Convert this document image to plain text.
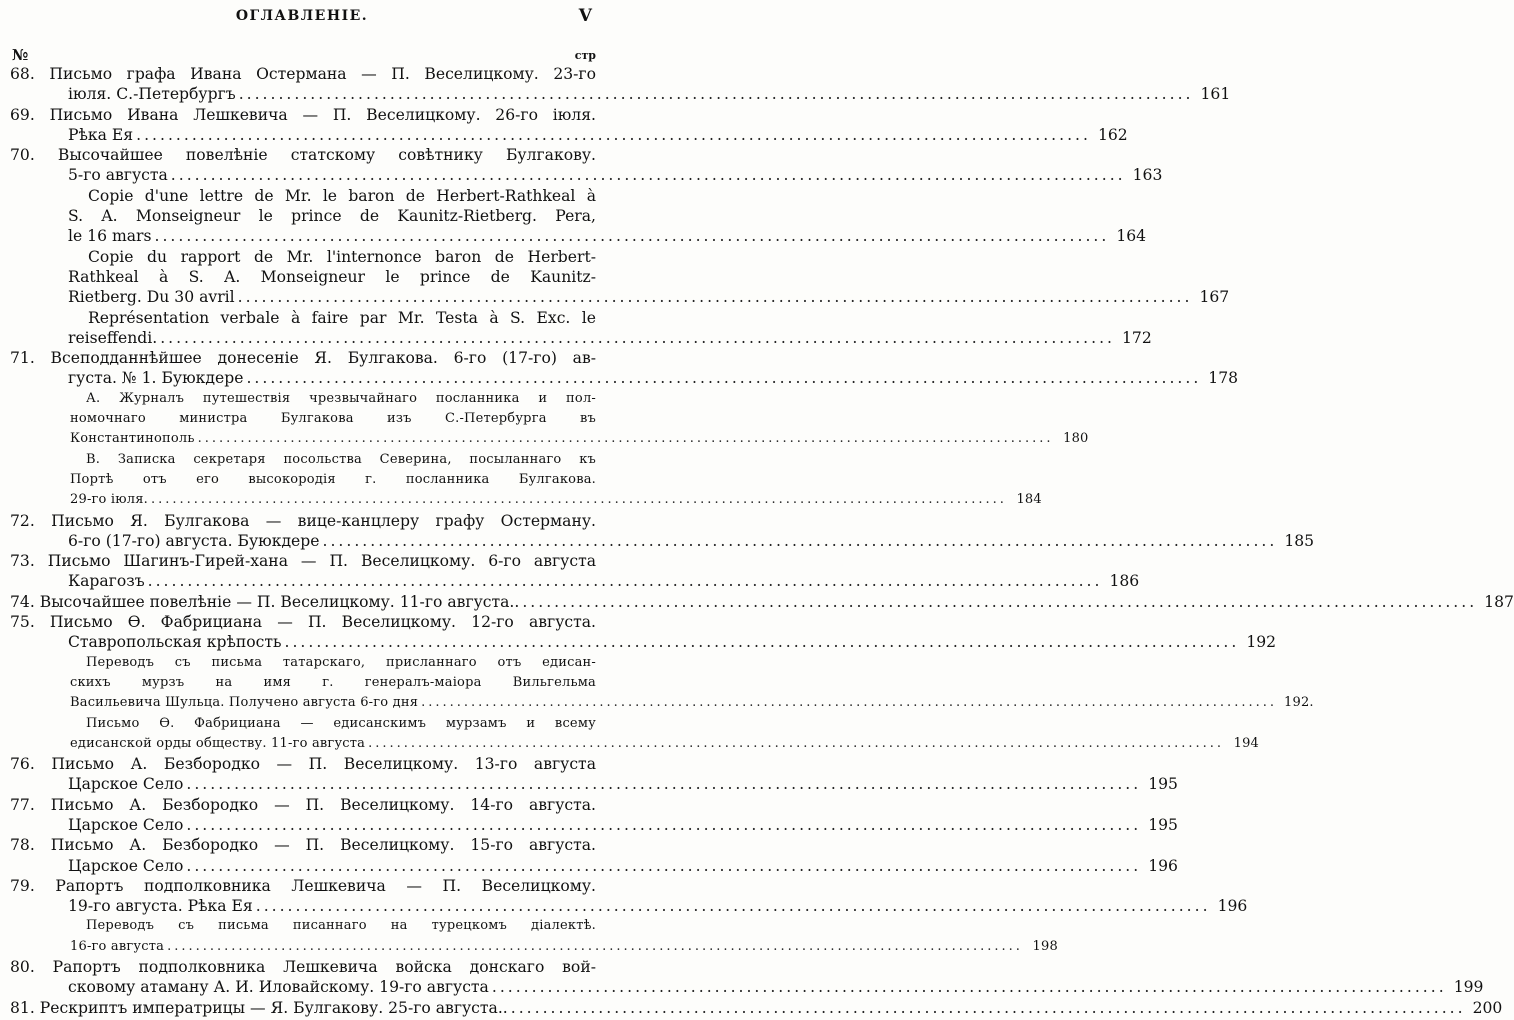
ОГЛАВЛЕНІЕ.	V
№	стр
68. Письмо графа Ивана Остермана — П. Веселицкому. 23-го
іюля. С.-Петербургъ ........................................................................................................................ 161
69. Письмо Ивана Лешкевича — П. Веселицкому. 26-го іюля.
Рѣка Ея ........................................................................................................................ 162
70. Высочайшее повелѣніе статскому совѣтнику Булгакову.
5-го августа ........................................................................................................................ 163
Copie d'une lettre de Mr. le baron de Herbert-Rathkeal à
S. A. Monseigneur le prince de Kaunitz-Rietberg. Pera,
le 16 mars ........................................................................................................................ 164
Copie du rapport de Mr. l'internonce baron de Herbert-
Rathkeal à S. A. Monseigneur le prince de Kaunitz-
Rietberg. Du 30 avril ........................................................................................................................ 167
Représentation verbale à faire par Mr. Testa à S. Exc. le
reiseffendi. ........................................................................................................................ 172
71. Всеподданнѣйшее донесеніе Я. Булгакова. 6-го (17-го) ав-
густа. № 1. Буюкдере ........................................................................................................................ 178
А. Журналъ путешествія чрезвычайнаго посланника и пол-
номочнаго министра Булгакова изъ С.-Петербурга въ
Константинополь ........................................................................................................................ 180
В. Записка секретаря посольства Северина, посыланнаго къ
Портѣ отъ его высокородія г. посланника Булгакова.
29-го іюля. ........................................................................................................................ 184
72. Письмо Я. Булгакова — вице-канцлеру графу Остерману.
6-го (17-го) августа. Буюкдере ........................................................................................................................ 185
73. Письмо Шагинъ-Гирей-хана — П. Веселицкому. 6-го августа
Карагозъ ........................................................................................................................ 186
74. Высочайшее повелѣніе — П. Веселицкому. 11-го августа.. ........................................................................................................................ 187
75. Письмо Ѳ. Фабрициана — П. Веселицкому. 12-го августа.
Ставропольская крѣпость ........................................................................................................................ 192
Переводъ съ письма татарскаго, присланнаго отъ едисан-
скихъ мурзъ на имя г. генералъ-маіора Вильгельма
Васильевича Шульца. Получено августа 6-го дня ........................................................................................................................ 192.
Письмо Ѳ. Фабрициана — едисанскимъ мурзамъ и всему
едисанской орды обществу. 11-го августа ........................................................................................................................ 194
76. Письмо А. Безбородко — П. Веселицкому. 13-го августа
Царское Село ........................................................................................................................ 195
77. Письмо А. Безбородко — П. Веселицкому. 14-го августа.
Царское Село ........................................................................................................................ 195
78. Письмо А. Безбородко — П. Веселицкому. 15-го августа.
Царское Село ........................................................................................................................ 196
79. Рапортъ подполковника Лешкевича — П. Веселицкому.
19-го августа. Рѣка Ея ........................................................................................................................ 196
Переводъ съ письма писаннаго на турецкомъ діалектѣ.
16-го августа ........................................................................................................................ 198
80. Рапортъ подполковника Лешкевича войска донскаго вой-
сковому атаману А. И. Иловайскому. 19-го августа ........................................................................................................................ 199
81. Рескриптъ императрицы — Я. Булгакову. 25-го августа.. ........................................................................................................................ 200
